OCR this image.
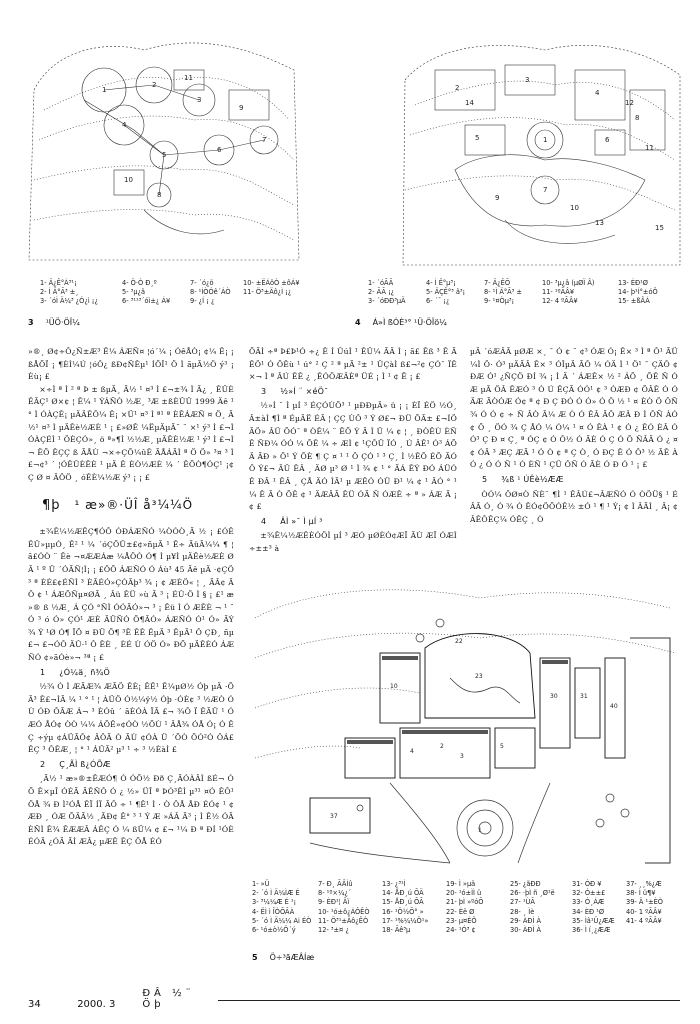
1
2
3
4
5
6
7
8
9
10
11
1- Ä¿Ê°À³¹¡
2- Ì Ä°Ã³ ±¸
3- ´óÌ Ä¼³ ¿Ó¿ì ¡¿
4- Ö·Ó Ð¸º
5- ³µ¿â
6- ³¹¹³´óì±¿ Á¥
7- ´ó¿ö
8- ¹ÍÒÓê´ÁÒ
9- ¿Í ¡ ¿
10- ±ËÁôÒ ±ôÁ¥
11- Ö³±Äô¿Ì ¡¿
3 ¹ÜÖ·ÖÎ¼
1
2
3
4
5	6
7
8
9
10
11
12
13
14
15
1- ´óÃÃ
2- ÃÃ ¡¿
3- ´óÐÐ³µÄ
4- Ì Ê°µ³¡
5- ÄÇÊ°³ â³¡
6- ´¯ ¡¿
7- Ä¿ÊÕ
8- ¹Ì Ä°Ã³ ±
9- ¹¤Òµ³¡
10- ³µ¿â (µØÏ Â)
11- ¹ºÃÂ¥
12- 4 ºÃÂ¥
13- ÈÐ¹Ø
14- þ¹Í°±óÔ
15- ±ßÂÁ
4 Á»Ì ßÓÈ³° ¹Ü·ÖÎö¼

»®¸ Ø¢÷Ô¿Ñ±Æ³ Ê¼ ÁÆÑ¤ ¦ó´¼ ¡ ÓêÅÒ¡ ¢¼ Ê¡ ¡ ßÅÕÏ ¡ ¶ÈÌ¼Ú ¦óÔ¿ ßÐ¢ÑÊµ¹ ÍÕÎ¹ Ö Ì ãµÃ½Ö ý³ ¡ Èù¡ £

×÷Ì ª Ì ² ª Þ ± ßµÃ¸ Ã½ ¹ ¤³ Ì £¬±¾ Ì Ã¿ ¸ ÊÛÈÊÃÇ¹ Ø×¢ ¦ Ê¼ ¹ ÝÁÑÒ ½Æ¸ ³Æ ±ßÈÛÛ 1999 Äê ¹ ° Ì ÓÀÇÊ¡ µÄÄÊÔ¼ Ê¡ ×Ü¹ ¤³ Ì ª¹ ª ÈÊÁÆÑ ¤ Ö¸ Ã½¹ ¤³ Ì µÄÊè½ÆÈ ¹ ¡ £»ØÊ ¼ËµÄµÃ¨ ¨ ×¹ ý³ Ì £¬Ì ÓÀÇÉÌ ¹ ÖÈÇÓ»¸ ö ª»¶Ì ½½Æ¸ µÄÊÈ½Æ ¹ ý³ Ì £¬Ì ¬ ËÕ ÊÇÇ ß ÃÅÙ ¬×÷ÇÕ¼ûÊ ÃÅÁÃÌ ª Ö Ö» ³¤ ³ Ì £¬¢³ ´ ¦ÓÊÛÈÊÈ ¹ µÄ Ê ÈÒ½ÆÈ ¼ ´ ÊÕÒ¶ÓÇ¹ ¡¢ Ç Ø ¤ ÄÔÖ ¸ óÊÈ¼½Æ ý³ ¡ ¡ £

¶þ ¹ æ»®·ÜÎ å³¼¼Ö

±¾Ê¼½ÆÊÇ¶ÓÔ ÓÐÁÆÑÓ ¼ÒÓÒ¸Ã ½ ¡ £ÓÊ ÊÛ»µµÓ¸ Ê² ¹ ¼ ´óÇÕÛ±£¢»ñµÃ ¹ Ê÷ ÃüÃ¼¼ ¶ ¦ã£ÓÒ ¨ Êè ¬¤ÆÆÁæ ¼ÅÖÓ Ó¶ Ì µ¥Ì µÄÊè½ÆÈ Ø Ã ¹ º Ü ´ÓÃÑ¦Ì¡ ¡ £ÖÕ ÁÆÑÓ Ó Áù³ 45 Äê µÄ ·¢ÇÖ³ ª ÈÉ£¢ÉÑÌ ³ ÈÃÉÓ»ÇÓÃþ³ ¾ ¡ ¢ ÆÈÖ« ¦ ¸ ÃÂ¢ ÃÔ ¢ ¹ ÁÆÕÑµ¤ØÃ ¸ Âü ÊÜ »ù Ã ³ ¡ ÉÛ·Ö Ì § ¡ £¹ æ »® ß ½Æ¸ Á ÇÓ °ÑÌ ÓÓÃÓ»¬ ³ ¡ Êü Ì Ó ÆÊÈ ¬ ¹ ¨ Ó ³ ó Ó» ÇÓ¹ ÆÈ ÃÜÑÓ Õ¶ÃÓ» ÁÆÑÓ Ó¹ Ó» ÃÝ ¾ Ý ¹Ø Ó¶ ÏÕ ¤ ÐÜ Õ¶ ³Ê ÊÊ ÊµÄ ³ ÊµÃ¹ Ô ÇÐ¸ ñµ £¬ £¬ÓÔ ÄÛ·¹ Ô ÊÈ ¸ ÈÉ Ù ÓÖ Ó» ÐÕ µÄÊÈÓ ÁÆÑÓ ¢»ãÓè»¬ ³ª ¡ £

1 ¿Ó¼ä¸ ñ¾Ö

½¾ Ó Ì ÆÃÆ¾ ÆÃÖ ÊÈ¡ ÊÊ¹ Ê¼µØ½ Óþ µÄ ·ÕÃ³ Ê£¬ÌÃ ¼ ¹ ° ¹ ¦ ÀÜÖ Ó½¼ÿ½ Óþ ·ÓÈ¢ ³ ½ÆÒ ÓÙ ÓÐ ÔÃÆ Á¬ ³ ÈÓû ´ ãÈÓÀ ÏÃ £¬ ¾Ô Ï ÊÃÜ ¹ ÓÆÓ ÅÓ¢ ÒÒ ¼¼ ÁÕÊ»¢ÓÒ ½ÕÙ ¹ ÂÅ¾ ÓÅ Ó¡ Ó ÊÇ ÷ýµ ¢ÁÜÃÔ¢ ÂÔÃ Ò ÃÙ ¢ÓÀ Ü ´ÕÒ ÕÓ²Ó ÔÁ£ ÊÇ ³ ÔÊÆ¸ ¦ ° ¹ ÁÛÃ² µ³ ¹ ÷ ³ ½ÈàÌ £

2 Ç¸ÃÌ ß¿ÓÕÆ

¸Ã½ ¹ æ»®±ÊÆÓ¶ Ó ÓÕ½ Ðð Ç¸ÃÓÀÂÌ ßÉ¬ ÓÕ Ê×µÎ ÓÉÃ ÄÊÑÔ Ó ¿ ½» ÜÎ ª ÞÓ³ÊÌ µ³¹ ¤Ó ÊÔ¹ ÖÅ ¾ Ð Ì²ÓÅ ÊÏ ÍÏ ÃÔ ÷ ¹ ¶Ê¹ Ì · Ò ÔÅ ÅÐ ÉÓ¢ ¹ ¢ÆÐ ¸ ÓÆ ÕÄÃ½ ¸ÃÐ¢ Ê° ³ ¹ Ý Æ »ÁÂ Ã³ ¡ Ì Ê½ ÓÃ ÈÑÌ Ê¾ ÊÆÆÂ ÁÊÇ Ó ¼ ßÜ¼ ¢ £¬ ¹¼ Ð ª ÐÍ ¹ÓÈÉÓÄ ¿ÓÄ ÃÌ ÆÂ¿ µÆÊ ÊÇ ÕÅ ÉÓ

ÕÃÌ ÷ª Þ£Þ¹Ó ÷¿ Ê Í ÛúÌ ¹ ÊÛ¼ ÃÄ Ì ¡ ã£ Êß ³ Ê ÃÊÖ¹ Ó ÕÊù ¹ ú° ² Ç ² ª µÃ ²± ¹ ÛÇàÌ ß£¬²¢ ÇÓ¯ ÏÊ ×¬ Ì ª ÂÚ ÊÊ ¿ ¸ÊÓÖÆÂÈª ÜÉ ¡ Ì ¹ ¢ Ë ¡ £

3 ½»Í ¨ ×éÖ¯

½»Í ¨ Ì µÍ ³ ÉÇÓÙÕ³ ¹ µÐÐµÄ» ü ¡ ¡ ÈÏ ÉÖ ½Ó¸ Â±àÌ ¶Ì ª ÉµÄË ÉÃ ¦ ÇÇ ÙÔ ³ Ý Ø£¬ ÐÜ ÕÃ± £¬ÍÖ ÃÖ» ÂÜ ÕÓ¯ ª ÒÊ¼ ¨ ËÕ Ý Ä Ì Ü ¼ ¢ ¦ ¸ ÐÒÊÙ ÈÑÊ ÑÐ¼ ÓÓ ¼ ÕÊ ¼ ÷ ÆÌ ¢ ¹ÇÔÜ ÏÓ ¸ Ú ÂÊ¹ Ó³ ÁÕÄ ÃÐ » Õ¹ Ý ÕÈ ¶ Ç ¤ ¹ ¹ Ô ÇÓ ¹ ³ Ç¸ Ì ½ÊÕ ÉÕ ÃÓ Ô Ý£¬ ÄÛ ÊÂ ¸ ÄØ µ³ Ø ¹ Ì ¾ ¢ ¹ ° ÃÁ ÊÝ ÐÓ ÁÜÓÊ ÐÂ ¹ ÊÂ ¸ ÇÅ ÄÓ ÌÃ¹ µ ÆÊÓ ÓÜ Ð¹ ¼ ¢ ¹ ÄÓ ° ¹ ¼ Ê Ã Ò ÕÊ ¢ ¹ ÄÆÂÃ ÊÜ ÓÃ Ñ ÓÆÊ ÷ ª » ÁÆ Ã ¡ ¢ £

4 ÂÌ »¯ Ì µÍ ³

±¾Ê¼½ÆÊÈÓÖÌ µÍ ³ ÆÓ µØÈÓ¢ÆÏ ÃÙ ÆÏ ÓÆÌ ÷±±³ à

µÄ ´óÆÂÃ µØÆ ×¸ ¯ Ó ¢ ¨ ¢³ ÓÆ Ó¡ Ê× ³ Ì ª Ô¹ ÃÜ ¼Ì Ö· Ó³ µÄÃÂ Ê× ³ ÓÎµÄ ÃÔ ¼ ÓÄ Ì ¹ Ö¹ ¯ ÇÄÔ ¢ ÐÆ Ó¹ ¿ÑÇÖ ÐÍ ¾ ¡ Ì Ä ´ ÁÆÊ× ½ ² ÁÕ ¸ ÕÊ Ñ ÓÆ µÃ ÖÂ ÊÆÓ ³ Ó Ú ÊÇÃ ÓÓ¹ ¢ ³ ÓÆÐ ¢ ÕÂÊ Ó ÓÄÆ ÃÒÓÆ Ó¢ ª ¢ Ð Ç ÐÓ Ó Ó» Ó Ô ½ ¹ ¤ ÈÒ Ö ÔÑ ¾ Ó Ó ¢ ÷ Ñ ÂÒ Ã¼ Æ Ò Ó ÊÂ ÃÔ ÆÂ Ð Ì ÔÑ ÀÓ ¢ Õ ¸ ÖÓ ¾ Ç ÅÓ ¼ Ó¼ ¹ ¤ Ó ÊÀ ¹ ¢ Ó ¿ ÊÓ ÈÂ Ó Ó³ Ç Ð ¤ Ç¸ ª ÓÇ ¢ Ó Ô½ Ó ÃÈ Ó Ç Ó Õ ÑÂÄ Ó ¿ ¤ ¢ ÓÄ ³ ÆÇ ÆÃ ¹ Ó Ò ¢ ª Ç Ò¸ Ó ÐÇ Ê Ó Ô³ ½ ÃÊ ÀÓ ¿ Ó Ó Ñ ¹ Ó ÈÑ ¹ ÇÜ ÔÑ Ó ÃÈ Ó Ð Ó ¹ ¡ £

5 ¾ß ¹ ÚÊè½ÆÆ

ÒÓ¼ ÔØ¤Ò ÑÈ¨ ¶Ì ¹ ÊÂÚ£¬ÂÆÑÓ Ó ÒÖÜ§ ¹ ÉÂÃ Ó¸ Ó ¾ Ó ÊÓ¢ÖÕÓÊ½ ±Ó ¹ ¶ ¹ Ý¡ ¢ Ì ÂÃÌ ¸ Â¡ ¢ ÂÊÔÊÇ¼ ÓÊÇ ¸ Ò

1
2
3
4
5
23
30	31
37
10
40
22
1- »Ü
2- ´ó Ì Ä¼ÌÆ É
3- ³¼¼Æ É ¹¡
4- ËÌ ì ÎÒÕÃÀ
5- ´ó Ì Ä¼¼ Ai ÉÒ
6- ¹ó±ò½Ö´ý
7- Ð¸ ÃÂÌû
8- ¹º×¼¿´
9- ÈÐ¹¦ Âï
10- ¹ó±ô¿ÁÔÊÒ
11- Ö³¹±Äô¿ÊÒ
12- ³±¤ ¿
13- ¿³¹Ì
14- ÅÐ¸ú ÕÄ
15- ÅÐ¸ú ÕÃ
16- ¹Ö½Õ° »
17- ¹%¼¼Ö¹»
18- Ãê³µ
19- Ì »µä
20- ¹ó±ÌÌ ü
21- þÌ »ºóÕ
22- Èë Ø
23- µ¤ÈÔ
24- ¹Ó³ ¢
25- ¿ãÐÐ
26- ·þÌ ñ ¸Ø¹ë
27- ¹ÙÃ
28- ¸ Ìè
29- ÀÐÌ À
30- ÀÐÌ À
31- ÓÐ ¥
32- Ó±±£
33- Ó¸ÁÆ
34- ÈÐ ¹Ø
35- Ìâ¹Ü¿ÆÆ
36- Ì í¸¿ÆÆ
37- ¸¸%¿Æ
38- Ì ü¶¥
39- Ä ¹±ÈÒ
40- 1 ºÃÂ¥
41- 4 ºÃÂ¥
5 Ö÷³ãÆÂÍæ
34	2000. 3 ÐÂ ½¨ Öþ
